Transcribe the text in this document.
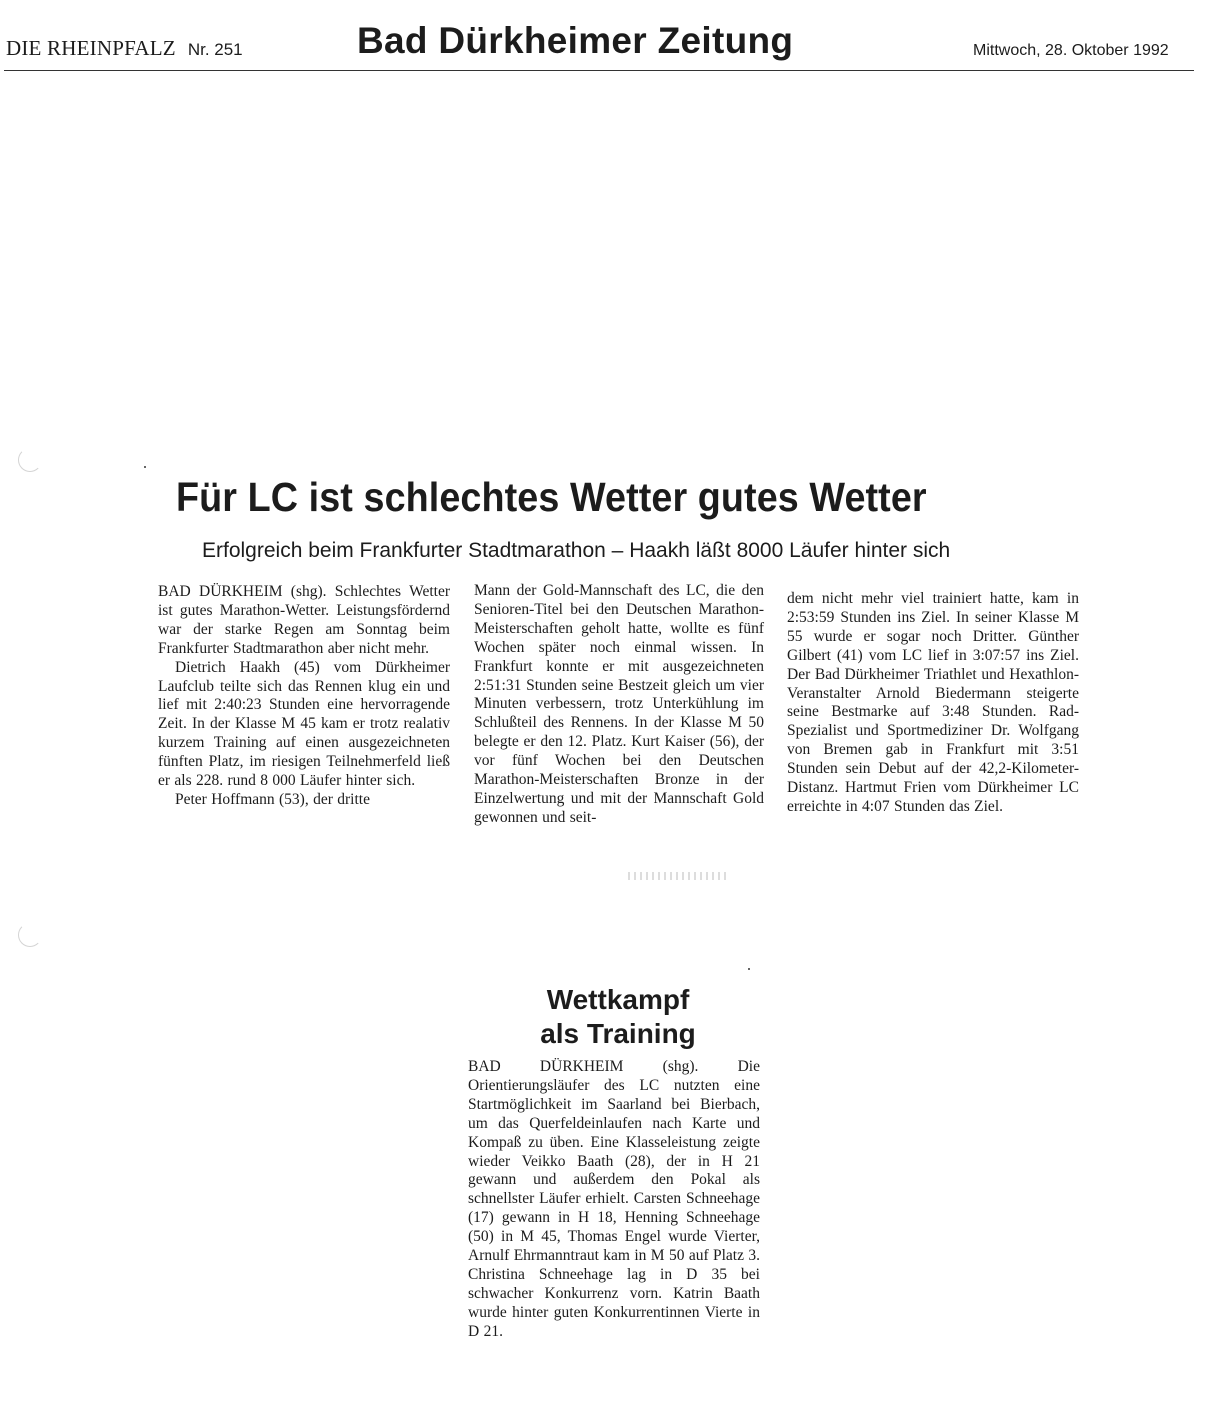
DIE RHEINPFALZ Nr. 251	Bad Dürkheimer Zeitung	Mittwoch, 28. Oktober 1992
Für LC ist schlechtes Wetter gutes Wetter
Erfolgreich beim Frankfurter Stadtmarathon – Haakh läßt 8000 Läufer hinter sich

BAD DÜRKHEIM (shg). Schlechtes Wetter ist gutes Marathon-Wetter. Leistungsfördernd war der starke Regen am Sonntag beim Frankfurter Stadtmarathon aber nicht mehr.

Dietrich Haakh (45) vom Dürkheimer Laufclub teilte sich das Rennen klug ein und lief mit 2:40:23 Stunden eine hervorragende Zeit. In der Klasse M 45 kam er trotz realativ kurzem Training auf einen ausgezeichneten fünften Platz, im riesigen Teilnehmerfeld ließ er als 228. rund 8 000 Läufer hinter sich.

Peter Hoffmann (53), der dritte

Mann der Gold-Mannschaft des LC, die den Senioren-Titel bei den Deutschen Marathon-Meisterschaften geholt hatte, wollte es fünf Wochen später noch einmal wissen. In Frankfurt konnte er mit ausgezeichneten 2:51:31 Stunden seine Bestzeit gleich um vier Minuten verbessern, trotz Unterkühlung im Schlußteil des Rennens. In der Klasse M 50 belegte er den 12. Platz. Kurt Kaiser (56), der vor fünf Wochen bei den Deutschen Marathon-Meisterschaften Bronze in der Einzelwertung und mit der Mannschaft Gold gewonnen und seit-

dem nicht mehr viel trainiert hatte, kam in 2:53:59 Stunden ins Ziel. In seiner Klasse M 55 wurde er sogar noch Dritter. Günther Gilbert (41) vom LC lief in 3:07:57 ins Ziel. Der Bad Dürkheimer Triathlet und Hexathlon-Veranstalter Arnold Biedermann steigerte seine Bestmarke auf 3:48 Stunden. Rad-Spezialist und Sportmediziner Dr. Wolfgang von Bremen gab in Frankfurt mit 3:51 Stunden sein Debut auf der 42,2-Kilometer-Distanz. Hartmut Frien vom Dürkheimer LC erreichte in 4:07 Stunden das Ziel.

Wettkampf
als Training

BAD DÜRKHEIM (shg). Die Orientierungsläufer des LC nutzten eine Startmöglichkeit im Saarland bei Bierbach, um das Querfeldeinlaufen nach Karte und Kompaß zu üben. Eine Klasseleistung zeigte wieder Veikko Baath (28), der in H 21 gewann und außerdem den Pokal als schnellster Läufer erhielt. Carsten Schneehage (17) gewann in H 18, Henning Schneehage (50) in M 45, Thomas Engel wurde Vierter, Arnulf Ehrmanntraut kam in M 50 auf Platz 3. Christina Schneehage lag in D 35 bei schwacher Konkurrenz vorn. Katrin Baath wurde hinter guten Konkurrentinnen Vierte in D 21.
